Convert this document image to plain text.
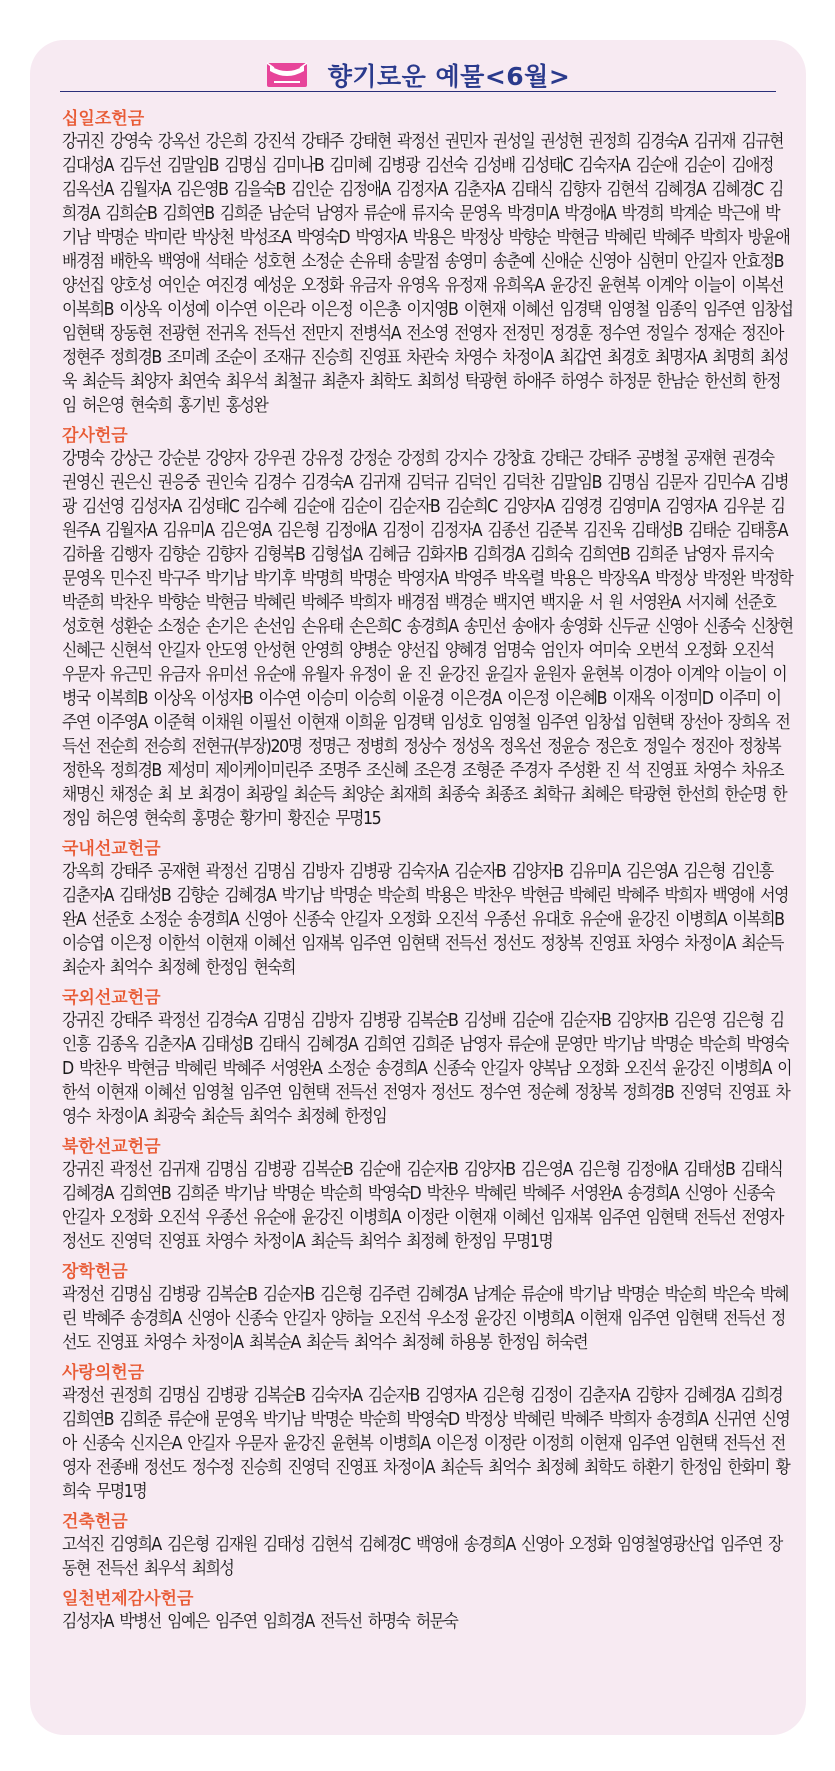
향기로운 예물<6월>
십일조헌금
강귀진 강영숙 강옥선 강은희 강진석 강태주 강태현 곽정선 권민자 권성일 권성현 권정희 김경숙A 김귀재 김규현 김대성A 김두선 김말임B 김명심 김미나B 김미혜 김병광 김선숙 김성배 김성태C 김숙자A 김순애 김순이 김애정 김옥선A 김월자A 김은영B 김을숙B 김인순 김정애A 김정자A 김춘자A 김태식 김향자 김현석 김혜경A 김혜경C 김희경A 김희순B 김희연B 김희준 남순덕 남영자 류순애 류지숙 문영옥 박경미A 박경애A 박경희 박계순 박근애 박기남 박명순 박미란 박상천 박성조A 박영숙D 박영자A 박용은 박정상 박향순 박현금 박혜린 박혜주 박희자 방윤애 배경점 배한옥 백영애 석태순 성호현 소정순 손유태 송말점 송영미 송춘예 신애순 신영아 심현미 안길자 안효정B 양선집 양호성 여인순 여진경 예성운 오정화 유금자 유영옥 유정재 유희옥A 윤강진 윤현복 이계악 이늘이 이복선 이복희B 이상옥 이성예 이수연 이은라 이은정 이은총 이지영B 이현재 이혜선 임경택 임영철 임종익 임주연 임창섭 임현택 장동현 전광현 전귀옥 전득선 전만지 전병석A 전소영 전영자 전정민 정경훈 정수연 정일수 정재순 정진아 정현주 정희경B 조미례 조순이 조재규 진승희 진영표 차관숙 차영수 차정이A 최갑연 최경호 최명자A 최명희 최성욱 최순득 최양자 최연숙 최우석 최철규 최춘자 최학도 최희성 탁광현 하애주 하영수 하정문 한남순 한선희 한정임 허은영 현숙희 홍기빈 홍성완
감사헌금
강명숙 강상근 강순분 강양자 강우권 강유정 강정순 강정희 강지수 강창효 강태근 강태주 공병철 공재현 권경숙 권영신 권은신 권응중 권인숙 김경수 김경숙A 김귀재 김덕규 김덕인 김덕찬 김말임B 김명심 김문자 김민수A 김병광 김선영 김성자A 김성태C 김수혜 김순애 김순이 김순자B 김순희C 김양자A 김영경 김영미A 김영자A 김우분 김원주A 김월자A 김유미A 김은영A 김은형 김정애A 김정이 김정자A 김종선 김준복 김진욱 김태성B 김태순 김태흥A 김하율 김행자 김향순 김향자 김형복B 김형섭A 김혜금 김화자B 김희경A 김희숙 김희연B 김희준 남영자 류지숙 문영옥 민수진 박구주 박기남 박기후 박명희 박명순 박영자A 박영주 박옥렬 박용은 박장옥A 박정상 박정완 박정학 박준희 박찬우 박향순 박현금 박혜린 박혜주 박희자 배경점 백경순 백지연 백지윤 서 원 서영완A 서지혜 선준호 성호현 성환순 소정순 손기은 손선임 손유태 손은희C 송경희A 송민선 송애자 송영화 신두균 신영아 신종숙 신창현 신혜근 신현석 안길자 안도영 안성현 안영희 양병순 양선집 양혜경 엄명숙 엄인자 여미숙 오번석 오정화 오진석 우문자 유근민 유금자 유미선 유순애 유월자 유정이 윤 진 윤강진 윤길자 윤원자 윤현복 이경아 이계악 이늘이 이병국 이복희B 이상옥 이성자B 이수연 이승미 이승희 이윤경 이은경A 이은정 이은혜B 이재옥 이정미D 이주미 이주연 이주영A 이준혁 이채원 이필선 이현재 이희윤 임경택 임성호 임영철 임주연 임창섭 임현택 장선아 장희옥 전득선 전순희 전승희 전현규(부장)20명 정명근 정병희 정상수 정성옥 정옥선 정윤승 정은호 정일수 정진아 정창복 정한옥 정희경B 제성미 제이케이미린주 조명주 조신혜 조은경 조형준 주경자 주성환 진 석 진영표 차영수 차유조 채명신 채정순 최 보 최경이 최광일 최순득 최양순 최재희 최종숙 최종조 최학규 최혜은 탁광현 한선희 한순명 한정임 허은영 현숙희 홍명순 황가미 황진순 무명15
국내선교헌금
강옥희 강태주 공재현 곽정선 김명심 김방자 김병광 김숙자A 김순자B 김양자B 김유미A 김은영A 김은형 김인흥 김춘자A 김태성B 김향순 김혜경A 박기남 박명순 박순희 박용은 박찬우 박현금 박혜린 박혜주 박희자 백영애 서영완A 선준호 소정순 송경희A 신영아 신종숙 안길자 오정화 오진석 우종선 유대호 유순애 윤강진 이병희A 이복희B 이승엽 이은정 이한석 이현재 이혜선 임재복 임주연 임현택 전득선 정선도 정창복 진영표 차영수 차정이A 최순득 최순자 최억수 최정혜 한정임 현숙희
국외선교헌금
강귀진 강태주 곽정선 김경숙A 김명심 김방자 김병광 김복순B 김성배 김순애 김순자B 김양자B 김은영 김은형 김인흥 김종옥 김춘자A 김태성B 김태식 김혜경A 김희연 김희준 남영자 류순애 문영만 박기남 박명순 박순희 박영숙D 박찬우 박현금 박혜린 박혜주 서영완A 소정순 송경희A 신종숙 안길자 양복남 오정화 오진석 윤강진 이병희A 이한석 이현재 이혜선 임영철 임주연 임현택 전득선 전영자 정선도 정수연 정순혜 정창복 정희경B 진영덕 진영표 차영수 차정이A 최광숙 최순득 최억수 최정혜 한정임
북한선교헌금
강귀진 곽정선 김귀재 김명심 김병광 김복순B 김순애 김순자B 김양자B 김은영A 김은형 김정애A 김태성B 김태식 김혜경A 김희연B 김희준 박기남 박명순 박순희 박영숙D 박찬우 박혜린 박혜주 서영완A 송경희A 신영아 신종숙 안길자 오정화 오진석 우종선 유순애 윤강진 이병희A 이정란 이현재 이혜선 임재복 임주연 임현택 전득선 전영자 정선도 진영덕 진영표 차영수 차정이A 최순득 최억수 최정혜 한정임 무명1명
장학헌금
곽정선 김명심 김병광 김복순B 김순자B 김은형 김주련 김혜경A 남계순 류순애 박기남 박명순 박순희 박은숙 박혜린 박혜주 송경희A 신영아 신종숙 안길자 양하늘 오진석 우소정 윤강진 이병희A 이현재 임주연 임현택 전득선 정선도 진영표 차영수 차정이A 최복순A 최순득 최억수 최정혜 하용봉 한정임 허숙련
사랑의헌금
곽정선 권정희 김명심 김병광 김복순B 김숙자A 김순자B 김영자A 김은형 김정이 김춘자A 김향자 김혜경A 김희경 김희연B 김희준 류순애 문영옥 박기남 박명순 박순희 박영숙D 박정상 박혜린 박혜주 박희자 송경희A 신귀연 신영아 신종숙 신지은A 안길자 우문자 윤강진 윤현복 이병희A 이은정 이정란 이정희 이현재 임주연 임현택 전득선 전영자 전종배 정선도 정수정 진승희 진영덕 진영표 차정이A 최순득 최억수 최정혜 최학도 하환기 한정임 한화미 황희숙 무명1명
건축헌금
고석진 김영희A 김은형 김재원 김태성 김현석 김혜경C 백영애 송경희A 신영아 오정화 임영철영광산업 임주연 장동현 전득선 최우석 최희성
일천번제감사헌금
김성자A 박병선 임예은 임주연 임희경A 전득선 하명숙 허문숙
